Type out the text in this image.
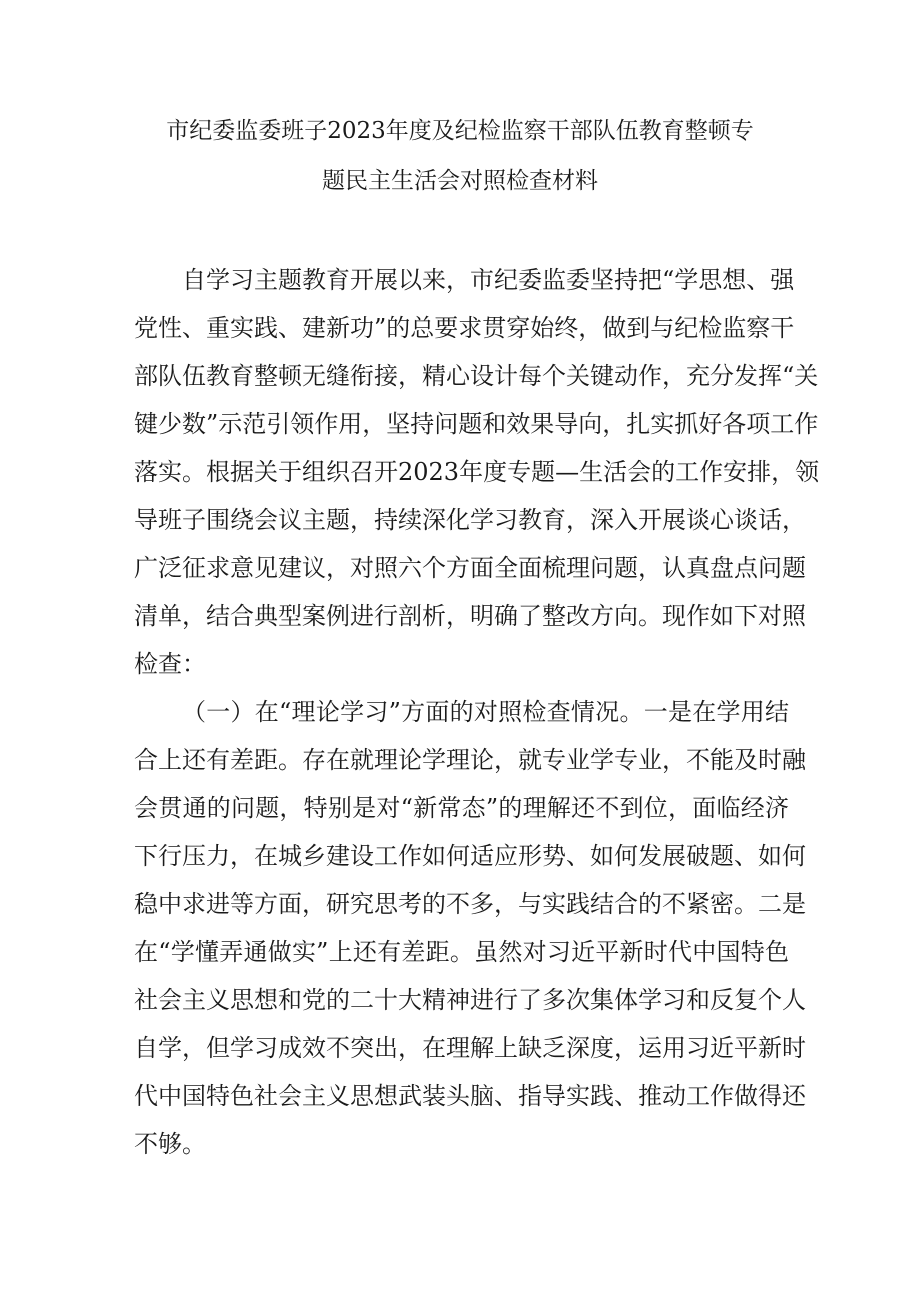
市纪委监委班子2023年度及纪检监察干部队伍教育整顿专
题民主生活会对照检查材料
自学习主题教育开展以来，市纪委监委坚持把“学思想、强
党性、重实践、建新功”的总要求贯穿始终，做到与纪检监察干
部队伍教育整顿无缝衔接，精心设计每个关键动作，充分发挥“关
键少数”示范引领作用，坚持问题和效果导向，扎实抓好各项工作
落实。根据关于组织召开2023年度专题—生活会的工作安排，领
导班子围绕会议主题，持续深化学习教育，深入开展谈心谈话，
广泛征求意见建议，对照六个方面全面梳理问题，认真盘点问题
清单，结合典型案例进行剖析，明确了整改方向。现作如下对照
检查：
（一）在“理论学习”方面的对照检查情况。一是在学用结
合上还有差距。存在就理论学理论，就专业学专业，不能及时融
会贯通的问题，特别是对“新常态”的理解还不到位，面临经济
下行压力，在城乡建设工作如何适应形势、如何发展破题、如何
稳中求进等方面，研究思考的不多，与实践结合的不紧密。二是
在“学懂弄通做实”上还有差距。虽然对习近平新时代中国特色
社会主义思想和党的二十大精神进行了多次集体学习和反复个人
自学，但学习成效不突出，在理解上缺乏深度，运用习近平新时
代中国特色社会主义思想武装头脑、指导实践、推动工作做得还
不够。
